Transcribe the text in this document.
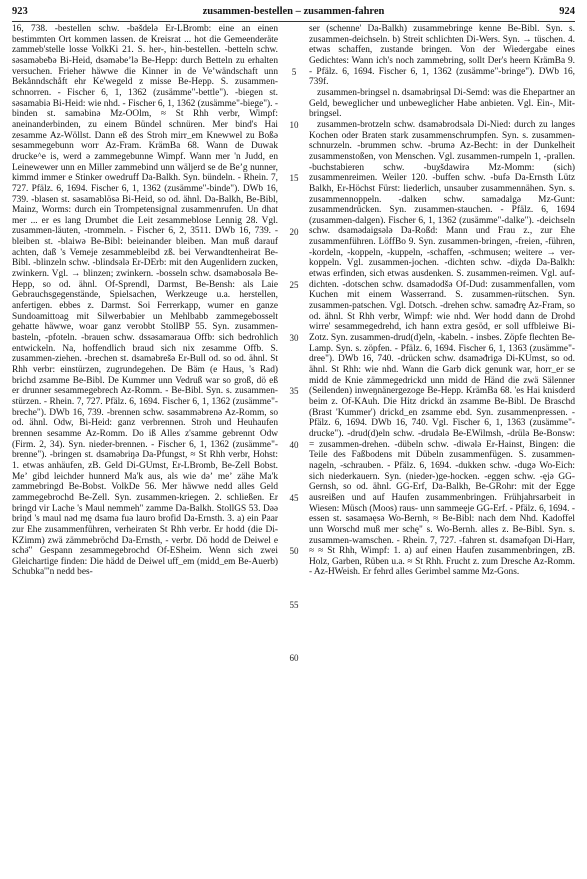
923	zusammen-bestellen – zusammen-fahren	924

16, 738. -bestellen schw. -bəšdelə Er-LBromb: eine an einen bestimmten Ort kommen lassen. de Kreisrat ... hot die Gemeenderäte zammeb'stelle losse VolkKi 21. S. her-, hin-bestellen. -betteln schw. səsaməbeƀə Bi-Heid, dsəməbeʼlə Be-Hepp: durch Betteln zu erhalten versuchen. Frieher häwwe die Kinner in de Veʼwändschaft unn Bekånndschåft ehr Ke'wegeld z misse Be-Hepp. S. zusammen-schnorren. - Fischer 6, 1, 1362 (zusämme"-bettle"). -biegen st. səsamabiə Bi-Heid: wie nhd. - Fischer 6, 1, 1362 (zusämme"-biege"). -binden st. saməbinə Mz-OOlm, ≈ St Rhh verbr, Wimpf: aneinanderbinden, zu einem Bündel schnüren. Mer bind's Hai zesamme Az-Wöllst. Dann eß des Stroh mirr_em Knewwel zu Boßə sesammegebunn worr Az-Fram. KrämBa 68. Wann de Duwak drucke^e is, werd ə zammegebunne Wimpf. Wann mer 'n Judd, en Leinewewer unn en Miller zammebind unn wäljerd se de Beʼg nunner, kimmd immer e Stinker owedruff Da-Balkh. Syn. bündeln. - Rhein. 7, 727. Pfälz. 6, 1694. Fischer 6, 1, 1362 (zusämme"-binde"). DWb 16, 739. -blasen st. səsaməblösə Bi-Heid, so od. ähnl. Da-Balkh, Be-Bibl, Mainz, Worms: durch ein Trompetensignal zusammenrufen. Un dhat mer ... er es lang Drumbet die Leit zesammeblose Lennig 28. Vgl. zusammen-läuten, -trommeln. - Fischer 6, 2, 3511. DWb 16, 739. -bleiben st. -blaiwə Be-Bibl: beieinander bleiben. Man muß darauf achten, daß 's Vemeje zesammebleibd zß. bei Verwandtenheirat Be-Bibl. -blinzeln schw. -blindsələ Er-DErb: mit den Augenlidern zucken, zwinkern. Vgl. → blinzen; zwinkern. -bosseln schw. dsəməbosələ Be-Hepp, so od. ähnl. Of-Sprendl, Darmst, Be-Bensh: als Laie Gebrauchsgegenstände, Spielsachen, Werkzeuge u.a. herstellen, anfertigen. ebbes z. Darmst. Soi Ferrerkapp, wumer en ganze Sundoamittoag mit Silwerbabier un Mehlbabb zammegebosselt gehatte häwwe, woar ganz verobbt StollBP 55. Syn. zusammen-basteln, -pfoteln. -brauen schw. dssəsamərauə Offb: sich bedrohlich entwickeln. Na, hoffendlich braud sich nix zesamme Offb. S. zusammen-ziehen. -brechen st. dsaməbrešə Er-Bull od. so od. ähnl. St Rhh verbr: einstürzen, zugrundegehen. De Bäm (e Haus, 's Rad) brichd zsamme Be-Bibl. De Kummer unn Vedruß war so groß, dö eß er drunner sesammegebrech Az-Romm. - Be-Bibl. Syn. s. zusammen-stürzen. - Rhein. 7, 727. Pfälz. 6, 1694. Fischer 6, 1, 1362 (zusämme"-breche"). DWb 16, 739. -brennen schw. səsamməbrenə Az-Romm, so od. ähnl. Odw, Bi-Heid: ganz verbrennen. Stroh und Heuhaufen brennen sesamme Az-Romm. Do iß Alles z'samme gebrennt Odw (Firm. 2, 34). Syn. nieder-brennen. - Fischer 6, 1, 1362 (zusämme"-brenne"). -bringen st. dsaməbriŋə Da-Pfungst, ≈ St Rhh verbr, Hohst: 1. etwas anhäufen, zB. Geld Di-GUmst, Er-LBromb, Be-Zell Bobst. Meʼ gibd leichder hunnerd Ma'k aus, als wie dəʼ meʼ zähe Ma'k zammebringd Be-Bobst. VolkDe 56. Mer häwwe nedd alles Geld zammegebrochd Be-Zell. Syn. zusammen-kriegen. 2. schließen. Er bringd vir Lache 's Maul nemmeh" zamme Da-Balkh. StollGS 53. Dəə briŋd 's maul nəd mę dsamə fuə lauro brofid Da-Ernsth. 3. a) ein Paar zur Ehe zusammenführen, verheiraten St Rhh verbr. Er hodd (die Di-KZimm) zwä zämmebröchd Da-Ernsth, - verbr. Dö hodd de Deiwel e schə̈" Gespann zesammegebrochd Of-ESheim. Wenn sich zwei Gleichartige finden: Die hädd de Deiwel uff_em (midd_em Be-Auerb) Schubka'"n nedd bes-

5
10
15
20
25
30
35
40
45
50
55
60

ser (schenne' Da-Balkh) zusammebringe kenne Be-Bibl. Syn. s. zusammen-deichseln. b) Streit schlichten Di-Wers. Syn. → tüschen. 4. etwas schaffen, zustande bringen. Von der Wiedergabe eines Gedichtes: Wann ich's noch zammebring, sollt Der's heern KrämBa 9. - Pfälz. 6, 1694. Fischer 6, 1, 1362 (zusämme"-bringe"). DWb 16, 739f.

zusammen-bringsel n. dsaməbriŋsəl Di-Semd: was die Ehepartner an Geld, beweglicher und unbeweglicher Habe anbieten. Vgl. Ein-, Mit-bringsel.

zusammen-brotzeln schw. dsaməbrodsələ Di-Nied: durch zu langes Kochen oder Braten stark zusammenschrumpfen. Syn. s. zusammen-schnurzeln. -brummen schw. -brumə Az-Becht: in der Dunkelheit zusammenstoßen, von Menschen. Vgl. zusammen-rumpeln 1, -prallen. -buchstabieren schw. -buχšdawirə Mz-Momm: (sich) zusammenreimen. Weiler 120. -buffen schw. -bufə Da-Ernsth Lütz Balkh, Er-Höchst Fürst: liederlich, unsauber zusammennähen. Syn. s. zusammennoppeln. -dalken schw. samədalgə Mz-Gunt: zusammendrücken. Syn. zusammen-stauchen. - Pfälz. 6, 1694 (zusammen-dalgen). Fischer 6, 1, 1362 (zusämme"-dalke"). -deichseln schw. dsamədaigsələ Da-Roßd: Mann und Frau z., zur Ehe zusammenführen. LöffBo 9. Syn. zusammen-bringen, -freien, -führen, -kordeln, -koppeln, -kuppeln, -schaffen, -schmusen; weitere → ver-koppeln. Vgl. zusammen-jochen. -dichten schw. -diχdə Da-Balkh: etwas erfinden, sich etwas ausdenken. S. zusammen-reimen. Vgl. auf-dichten. -dotschen schw. dsamədodšə Of-Dud: zusammenfallen, vom Kuchen mit einem Wasserrand. S. zusammen-rütschen. Syn. zusammen-patschen. Vgl. Dotsch. -drehen schw. saməđrę Az-Fram, so od. ähnl. St Rhh verbr, Wimpf: wie nhd. Wer hodd dann de Drohd wirre' sesammegedrehd, ich hann extra gesöd, er soll uffbleiwe Bi-Zotz. Syn. zusammen-drud(d)eln, -kabeln. - insbes. Zöpfe flechten Be-Lamp. Syn. s. zöpfen. - Pfälz. 6, 1694. Fischer 6, 1, 1363 (zusämme"-dree"). DWb 16, 740. -drücken schw. dsaməđrigə Di-KUmst, so od. ähnl. St Rhh: wie nhd. Wann die Garb dick genunk war, horr_er se midd de Knie zämmegedrickd unn midd de Händ die zwä Sälenner (Seilenden) inweŋnänergezoge Be-Hepp. KrämBa 68. 'es Hai knisderd beim z. Of-KAuh. Die Hitz drickd än zsamme Be-Bibl. De Braschd (Brast 'Kummer') drickd_en zsamme ebd. Syn. zusammenpressen. - Pfälz. 6, 1694. DWb 16, 740. Vgl. Fischer 6, 1, 1363 (zusämme"-drucke"). -drud(d)eln schw. -drudələ Be-EWilmsh, -drülə Be-Bonsw: = zusammen-drehen. -dübeln schw. -diwələ Er-Hainst, Bingen: die Teile des Faßbodens mit Dübeln zusammenfügen. S. zusammen-nageln, -schrauben. - Pfälz. 6, 1694. -dukken schw. -dugə Wo-Eich: sich niederkauern. Syn. (nieder-)ge-hocken. -eggen schw. -ęjə GG-Gernsh, so od. ähnl. GG-Erf, Da-Balkh, Be-GRohr: mit der Egge ausreißen und auf Haufen zusammenbringen. Frühjahrsarbeit in Wiesen: Müsch (Moos) raus- unn sammeęje GG-Erf. - Pfälz. 6, 1694. -essen st. səsaməęsə Wo-Bernh, ≈ Be-Bibl: nach dem Nhd. Kadoffel unn Worschd muß mer schę" s. Wo-Bernh. alles z. Be-Bibl. Syn. s. zusammen-wamschen. - Rhein. 7, 727. -fahren st. dsaməfǫən Di-Harr, ≈ ≈ St Rhh, Wimpf: 1. a) auf einen Haufen zusammenbringen, zB. Holz, Garben, Rüben u.a. ≈ St Rhh. Frucht z. zum Dresche Az-Romm. - Az-HWeish. Er fehrd alles Gerimbel samme Mz-Gons.
